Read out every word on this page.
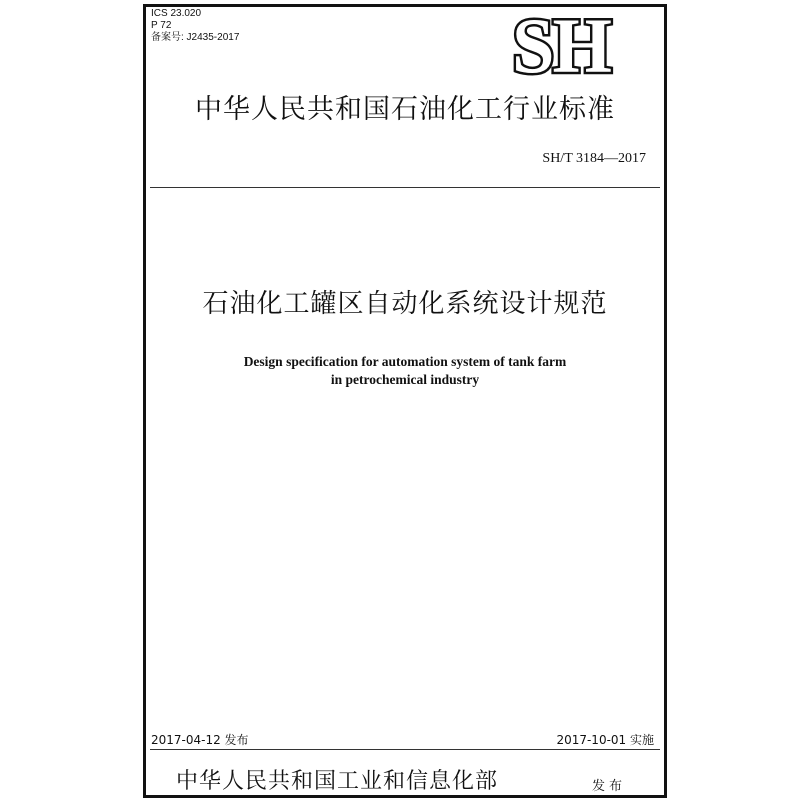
ICS 23.020
P 72
备案号: J2435-2017	SH
中华人民共和国石油化工行业标准
SH/T 3184—2017
石油化工罐区自动化系统设计规范
Design specification for automation system of tank farm
in petrochemical industry
2017-04-12 发布	2017-10-01 实施
中华人民共和国工业和信息化部	发布
